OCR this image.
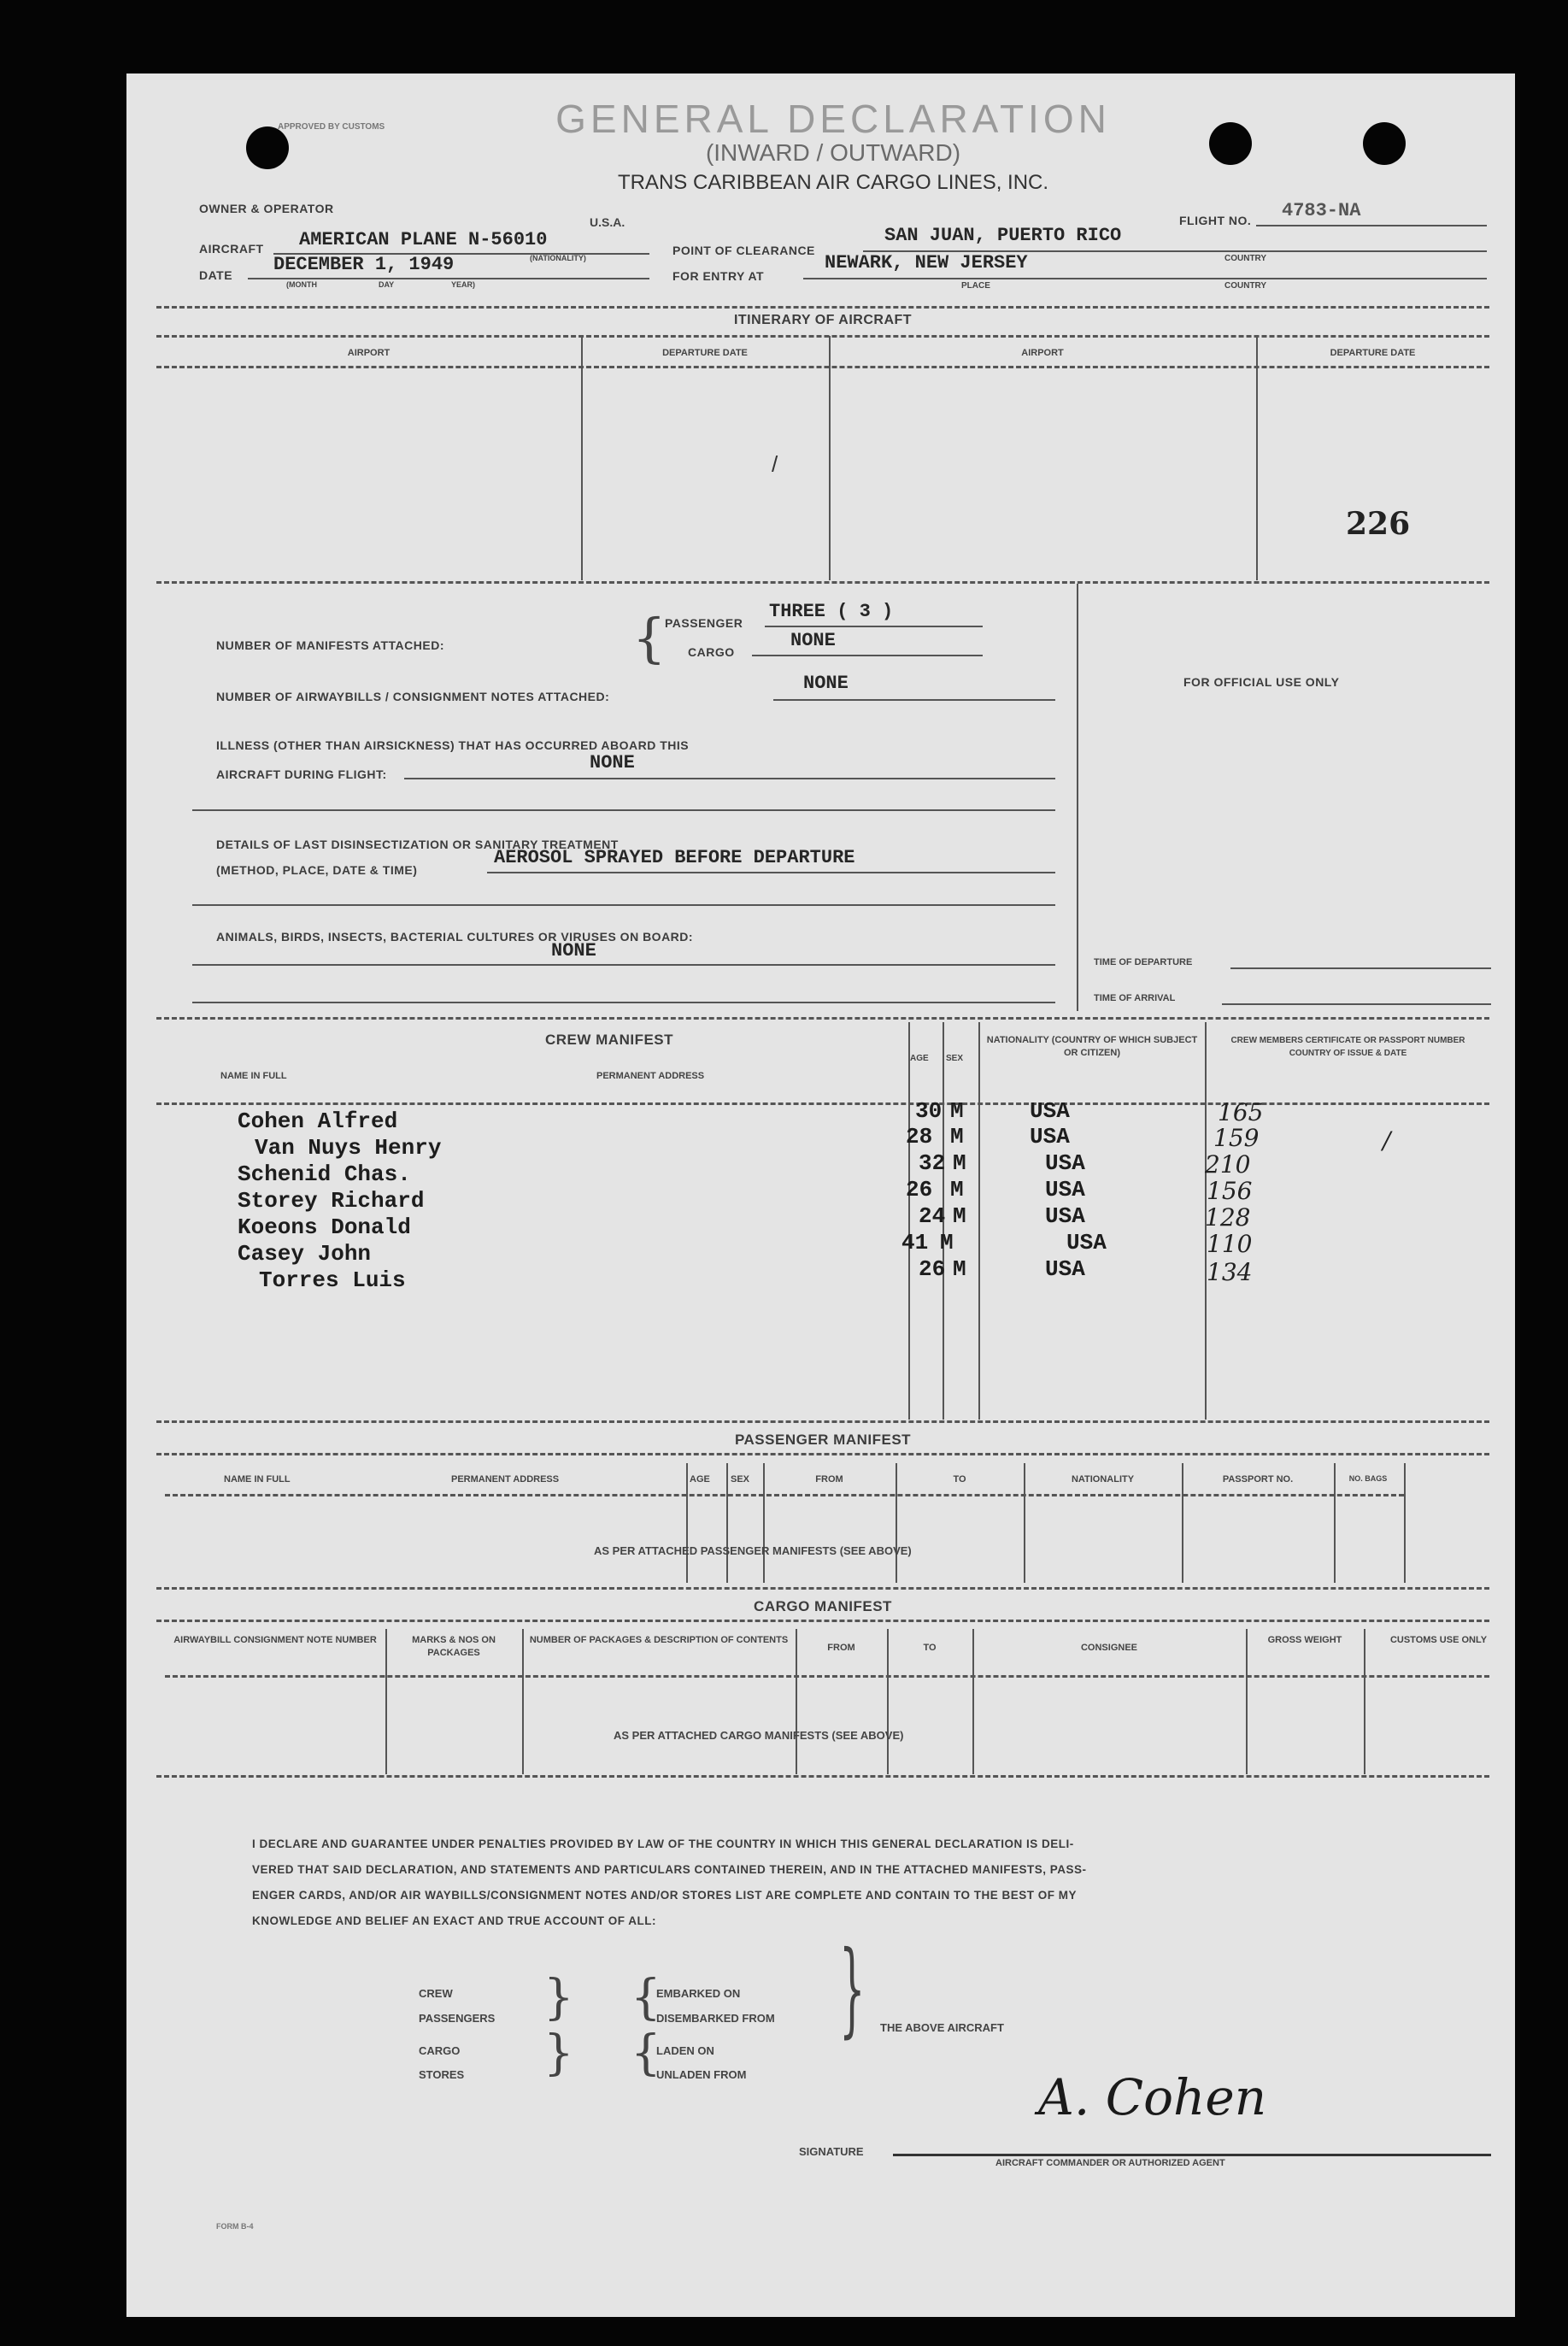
APPROVED BY CUSTOMS	GENERAL DECLARATION
(INWARD / OUTWARD)
TRANS CARIBBEAN AIR CARGO LINES, INC.
OWNER & OPERATOR
AIRCRAFT AMERICAN PLANE N-56010
U.S.A.
(NATIONALITY)
DATE DECEMBER 1, 1949
(MONTH	DAY	YEAR)
FLIGHT NO. 4783-NA
POINT OF CLEARANCE
SAN JUAN, PUERTO RICO
COUNTRY
FOR ENTRY AT
NEWARK, NEW JERSEY
PLACE	COUNTRY
ITINERARY OF AIRCRAFT
AIRPORT	DEPARTURE DATE	AIRPORT	DEPARTURE DATE
/
226
{
NUMBER OF MANIFESTS ATTACHED:
PASSENGER
THREE ( 3 )
CARGO
NONE
NUMBER OF AIRWAYBILLS / CONSIGNMENT NOTES ATTACHED:
NONE
ILLNESS (OTHER THAN AIRSICKNESS) THAT HAS OCCURRED ABOARD THIS
AIRCRAFT DURING FLIGHT:
NONE
DETAILS OF LAST DISINSECTIZATION OR SANITARY TREATMENT
(METHOD, PLACE, DATE & TIME)
AEROSOL SPRAYED BEFORE DEPARTURE
ANIMALS, BIRDS, INSECTS, BACTERIAL CULTURES OR VIRUSES ON BOARD:
NONE
FOR OFFICIAL USE ONLY
TIME OF DEPARTURE
TIME OF ARRIVAL
CREW MANIFEST
NAME IN FULL	PERMANENT ADDRESS
AGE SEX
NATIONALITY (COUNTRY OF WHICH SUBJECT OR CITIZEN)
CREW MEMBERS CERTIFICATE OR PASSPORT NUMBER COUNTRY OF ISSUE & DATE
Cohen Alfred	30 M	USA	165
Van Nuys Henry	28 M	USA	159	/
Schenid Chas.	32 M	USA	210
Storey Richard	26 M	USA	156
Koeons Donald	24 M	USA	128
Casey John	41 M	USA	110
Torres Luis	26 M	USA	134
PASSENGER MANIFEST
NAME IN FULL	PERMANENT ADDRESS	AGE SEX	FROM	TO	NATIONALITY	PASSPORT NO.	NO. BAGS
AS PER ATTACHED PASSENGER MANIFESTS (SEE ABOVE)
CARGO MANIFEST
AIRWAYBILL CONSIGNMENT NOTE NUMBER	MARKS & NOS ON PACKAGES
NUMBER OF PACKAGES & DESCRIPTION OF CONTENTS
FROM	TO	CONSIGNEE
GROSS WEIGHT	CUSTOMS USE ONLY
AS PER ATTACHED CARGO MANIFESTS (SEE ABOVE)
I DECLARE AND GUARANTEE UNDER PENALTIES PROVIDED BY LAW OF THE COUNTRY IN WHICH THIS GENERAL DECLARATION IS DELI-
VERED THAT SAID DECLARATION, AND STATEMENTS AND PARTICULARS CONTAINED THEREIN, AND IN THE ATTACHED MANIFESTS, PASS-
ENGER CARDS, AND/OR AIR WAYBILLS/CONSIGNMENT NOTES AND/OR STORES LIST ARE COMPLETE AND CONTAIN TO THE BEST OF MY
KNOWLEDGE AND BELIEF AN EXACT AND TRUE ACCOUNT OF ALL:
CREW
PASSENGERS
CARGO
STORES
}
}
{
{
EMBARKED ON
DISEMBARKED FROM
LADEN ON
UNLADEN FROM
} THE ABOVE AIRCRAFT
SIGNATURE
A. Cohen
AIRCRAFT COMMANDER OR AUTHORIZED AGENT
FORM B-4
